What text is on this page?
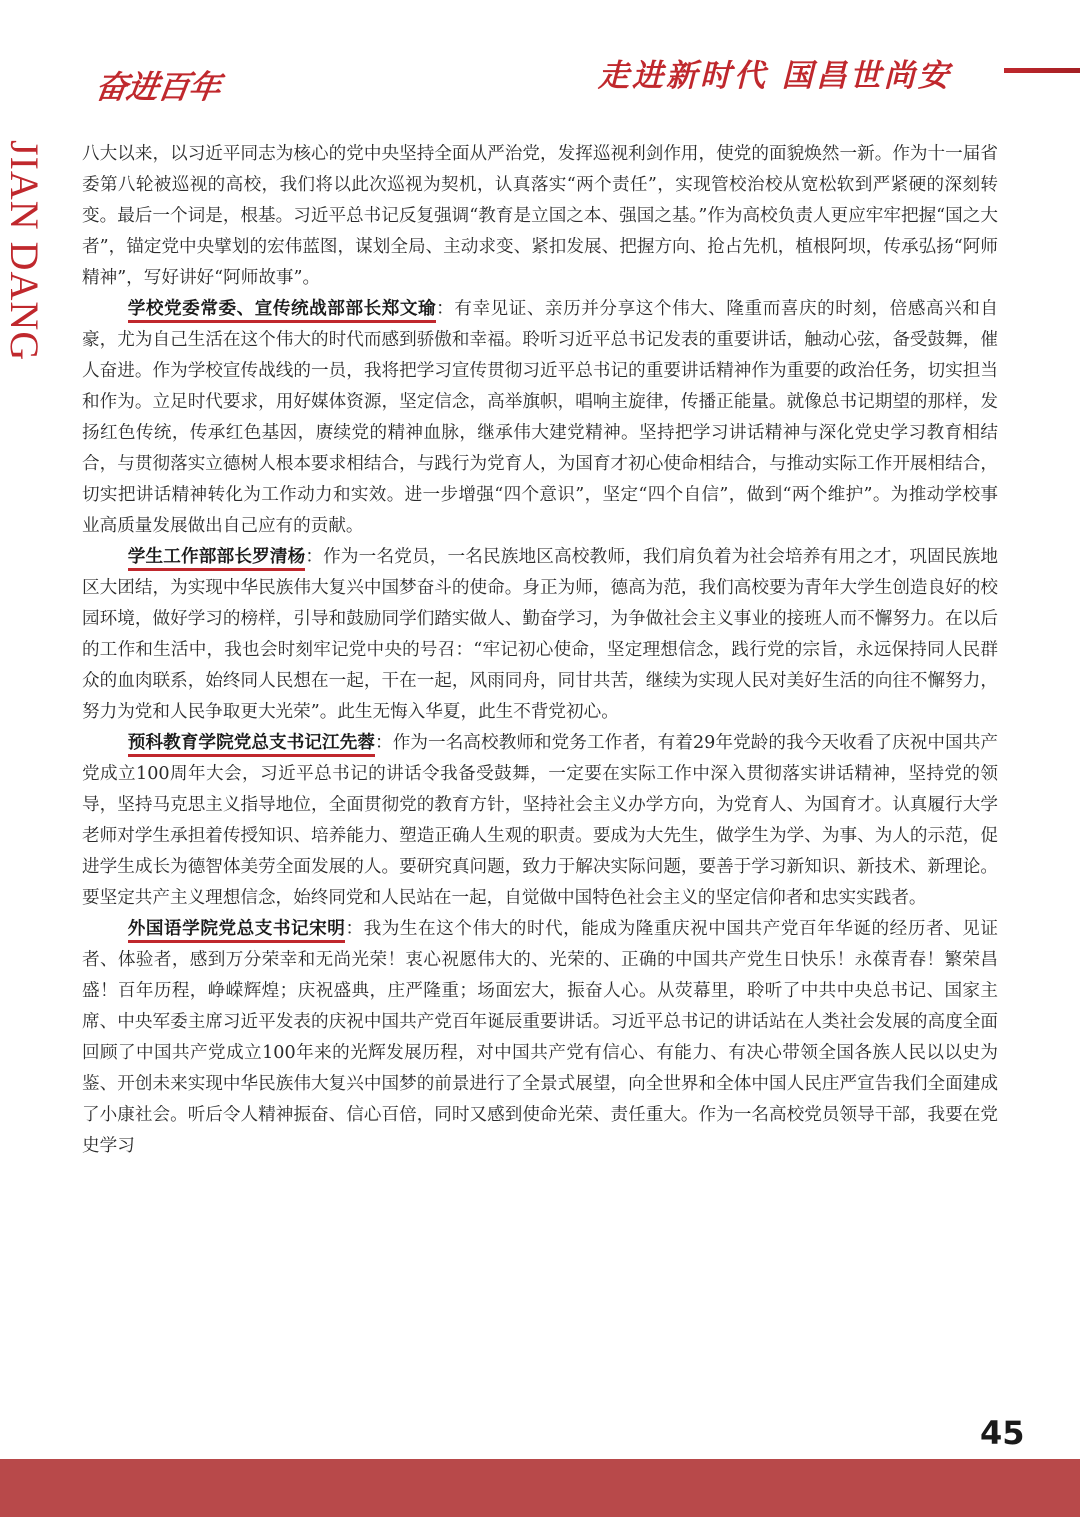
奋进百年	走进新时代 国昌世尚安
JIAN DANG 八大以来，以习近平同志为核心的党中央坚持全面从严治党，发挥巡视利剑作用，使党的面貌焕然一新。作为十一届省委第八轮被巡视的高校，我们将以此次巡视为契机，认真落实“两个责任”，实现管校治校从宽松软到严紧硬的深刻转变。最后一个词是，根基。习近平总书记反复强调“教育是立国之本、强国之基。”作为高校负责人更应牢牢把握“国之大者”，锚定党中央擘划的宏伟蓝图，谋划全局、主动求变、紧扣发展、把握方向、抢占先机，植根阿坝，传承弘扬“阿师精神”，写好讲好“阿师故事”。

学校党委常委、宣传统战部部长郑文瑜：有幸见证、亲历并分享这个伟大、隆重而喜庆的时刻，倍感高兴和自豪，尤为自己生活在这个伟大的时代而感到骄傲和幸福。聆听习近平总书记发表的重要讲话，触动心弦，备受鼓舞，催人奋进。作为学校宣传战线的一员，我将把学习宣传贯彻习近平总书记的重要讲话精神作为重要的政治任务，切实担当和作为。立足时代要求，用好媒体资源，坚定信念，高举旗帜，唱响主旋律，传播正能量。就像总书记期望的那样，发扬红色传统，传承红色基因，赓续党的精神血脉，继承伟大建党精神。坚持把学习讲话精神与深化党史学习教育相结合，与贯彻落实立德树人根本要求相结合，与践行为党育人，为国育才初心使命相结合，与推动实际工作开展相结合，切实把讲话精神转化为工作动力和实效。进一步增强“四个意识”，坚定“四个自信”，做到“两个维护”。为推动学校事业高质量发展做出自己应有的贡献。

学生工作部部长罗清杨：作为一名党员，一名民族地区高校教师，我们肩负着为社会培养有用之才，巩固民族地区大团结，为实现中华民族伟大复兴中国梦奋斗的使命。身正为师，德高为范，我们高校要为青年大学生创造良好的校园环境，做好学习的榜样，引导和鼓励同学们踏实做人、勤奋学习，为争做社会主义事业的接班人而不懈努力。在以后的工作和生活中，我也会时刻牢记党中央的号召：“牢记初心使命，坚定理想信念，践行党的宗旨，永远保持同人民群众的血肉联系，始终同人民想在一起，干在一起，风雨同舟，同甘共苦，继续为实现人民对美好生活的向往不懈努力，努力为党和人民争取更大光荣”。此生无悔入华夏，此生不背党初心。

预科教育学院党总支书记江先蓉：作为一名高校教师和党务工作者，有着29年党龄的我今天收看了庆祝中国共产党成立100周年大会，习近平总书记的讲话令我备受鼓舞，一定要在实际工作中深入贯彻落实讲话精神，坚持党的领导，坚持马克思主义指导地位，全面贯彻党的教育方针，坚持社会主义办学方向，为党育人、为国育才。认真履行大学老师对学生承担着传授知识、培养能力、塑造正确人生观的职责。要成为大先生，做学生为学、为事、为人的示范，促进学生成长为德智体美劳全面发展的人。要研究真问题，致力于解决实际问题，要善于学习新知识、新技术、新理论。要坚定共产主义理想信念，始终同党和人民站在一起，自觉做中国特色社会主义的坚定信仰者和忠实实践者。

外国语学院党总支书记宋明：我为生在这个伟大的时代，能成为隆重庆祝中国共产党百年华诞的经历者、见证者、体验者，感到万分荣幸和无尚光荣！衷心祝愿伟大的、光荣的、正确的中国共产党生日快乐！永葆青春！繁荣昌盛！百年历程，峥嵘辉煌；庆祝盛典，庄严隆重；场面宏大，振奋人心。从荧幕里，聆听了中共中央总书记、国家主席、中央军委主席习近平发表的庆祝中国共产党百年诞辰重要讲话。习近平总书记的讲话站在人类社会发展的高度全面回顾了中国共产党成立100年来的光辉发展历程，对中国共产党有信心、有能力、有决心带领全国各族人民以以史为鉴、开创未来实现中华民族伟大复兴中国梦的前景进行了全景式展望，向全世界和全体中国人民庄严宣告我们全面建成了小康社会。听后令人精神振奋、信心百倍，同时又感到使命光荣、责任重大。作为一名高校党员领导干部，我要在党史学习

45
